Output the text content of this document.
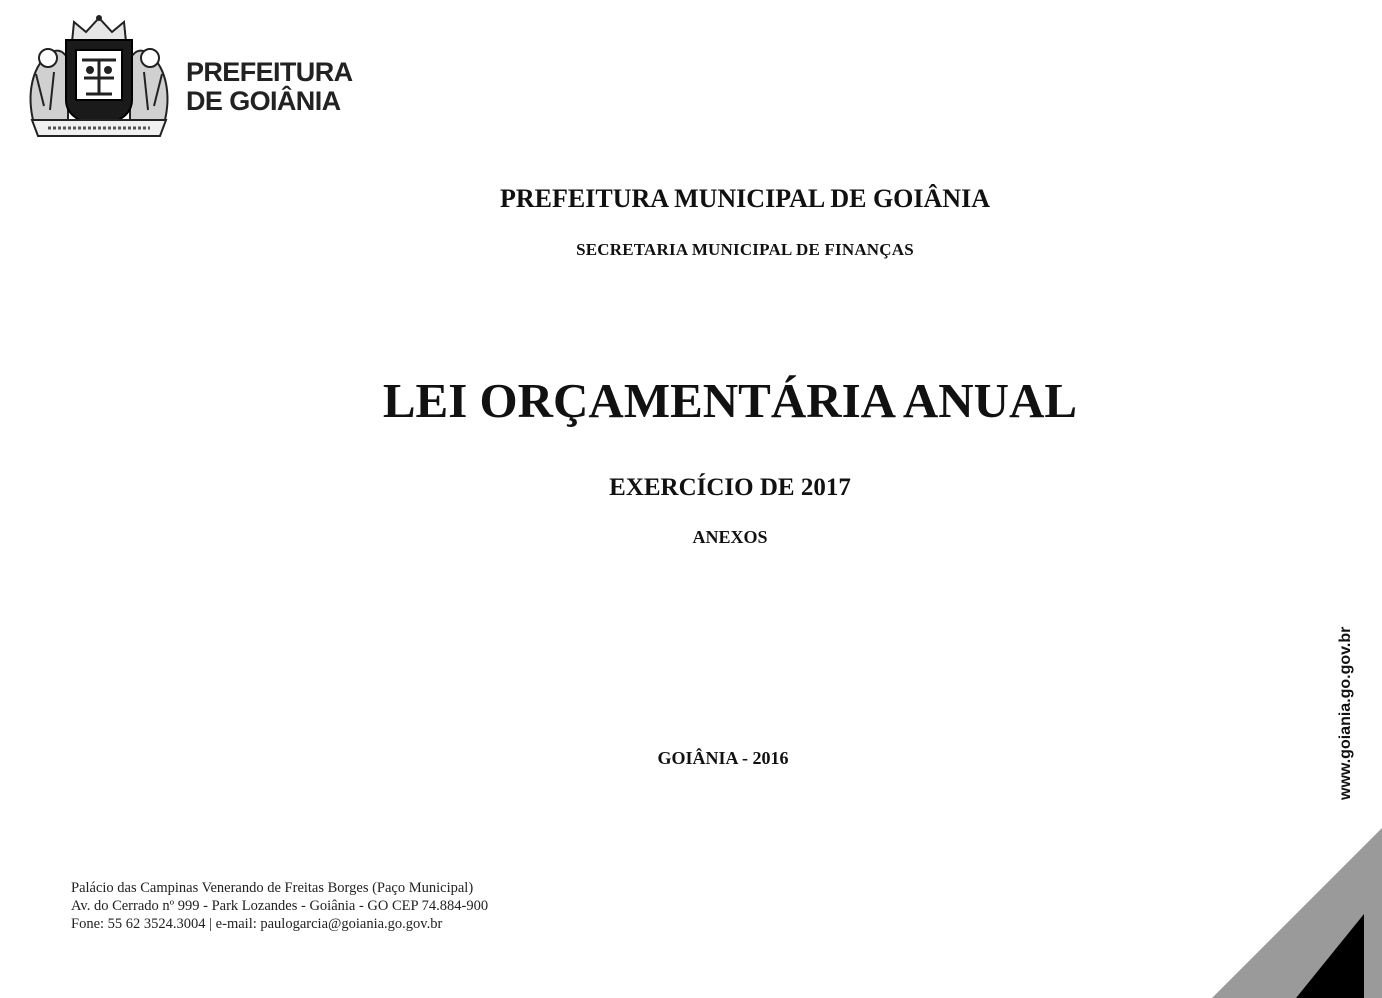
PREFEITURA
DE GOIÂNIA
PREFEITURA MUNICIPAL DE GOIÂNIA
SECRETARIA MUNICIPAL DE FINANÇAS
LEI ORÇAMENTÁRIA ANUAL
EXERCÍCIO DE 2017
ANEXOS
GOIÂNIA - 2016
Palácio das Campinas Venerando de Freitas Borges (Paço Municipal)
Av. do Cerrado nº 999 - Park Lozandes - Goiânia - GO CEP 74.884-900
Fone: 55 62 3524.3004 | e-mail: paulogarcia@goiania.go.gov.br
www.goiania.go.gov.br
